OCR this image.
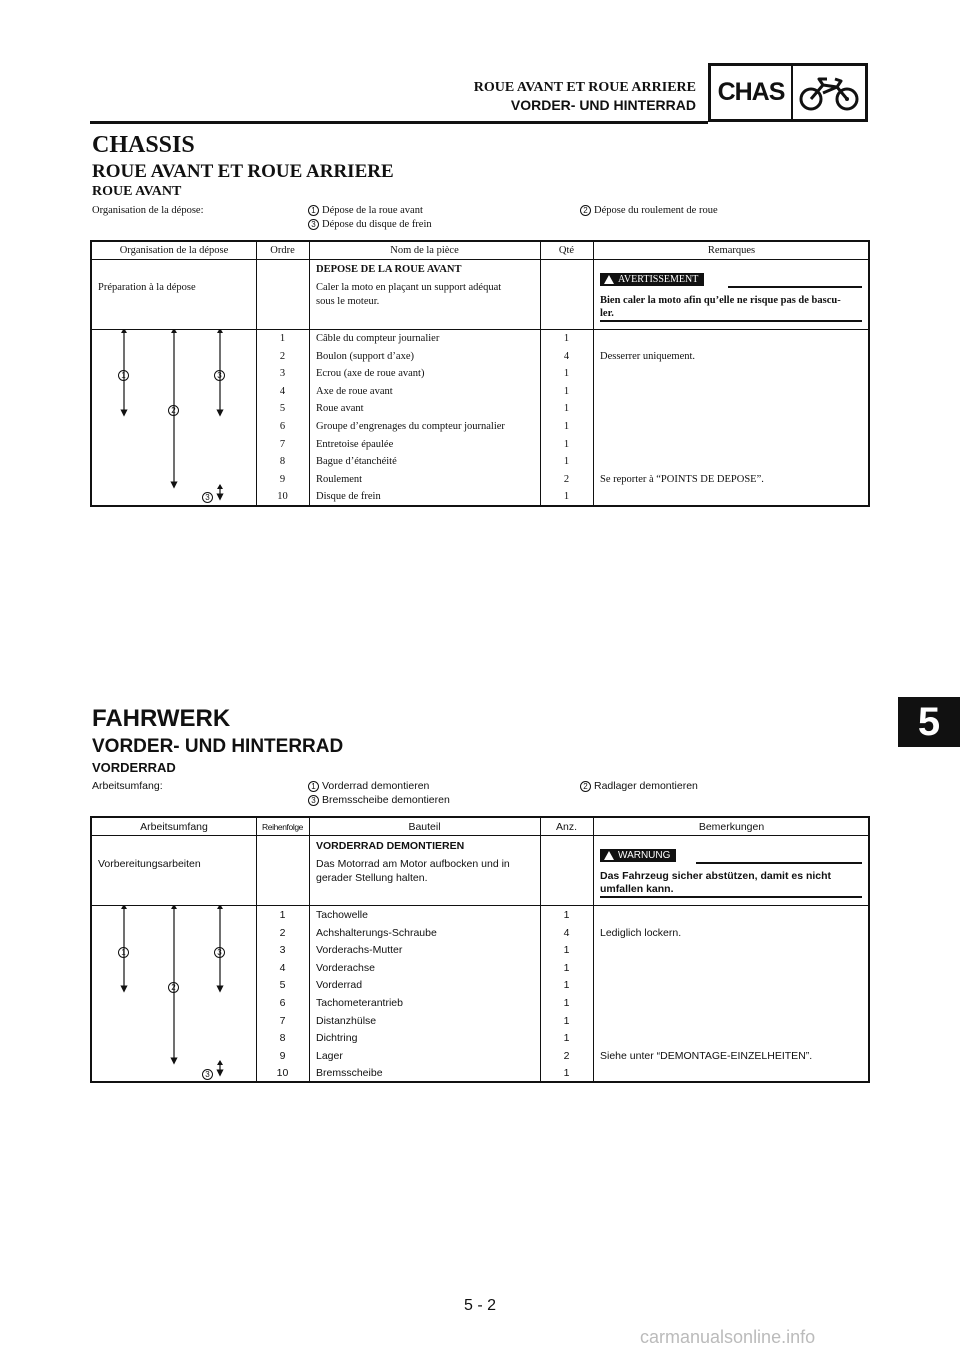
ROUE AVANT ET ROUE ARRIERE
VORDER- UND HINTERRAD CHAS
CHASSIS
ROUE AVANT ET ROUE ARRIERE
ROUE AVANT
Organisation de la dépose:	1 Dépose de la roue avant	2 Dépose du roulement de roue
3 Dépose du disque de frein
Organisation de la dépose	Ordre	Nom de la pièce	Qté	Remarques
Préparation à la dépose
DEPOSE DE LA ROUE AVANT
Caler la moto en plaçant un support adéquat
sous le moteur.
AVERTISSEMENT
Bien caler la moto afin qu’elle ne risque pas de bascu-
ler.
1	Câble du compteur journalier	1
2	Boulon (support d’axe)	4	Desserrer uniquement.
3	Ecrou (axe de roue avant)	1
4	Axe de roue avant	1
5	Roue avant	1
6	Groupe d’engrenages du compteur journalier	1
7	Entretoise épaulée	1
8	Bague d’étanchéité	1
9	Roulement	2	Se reporter à “POINTS DE DEPOSE”.
10	Disque de frein	1
1	3
2
3
FAHRWERK
VORDER- UND HINTERRAD
VORDERRAD
Arbeitsumfang:	1 Vorderrad demontieren	2 Radlager demontieren
3 Bremsscheibe demontieren
Arbeitsumfang	Reihenfolge	Bauteil	Anz.	Bemerkungen
Vorbereitungsarbeiten
VORDERRAD DEMONTIEREN
Das Motorrad am Motor aufbocken und in
gerader Stellung halten.
WARNUNG
Das Fahrzeug sicher abstützen, damit es nicht
umfallen kann.
1	Tachowelle	1
2	Achshalterungs-Schraube	4	Lediglich lockern.
3	Vorderachs-Mutter	1
4	Vorderachse	1
5	Vorderrad	1
6	Tachometerantrieb	1
7	Distanzhülse	1
8	Dichtring	1
9	Lager	2	Siehe unter “DEMONTAGE-EINZELHEITEN”.
10	Bremsscheibe	1
1	3
2
3
5
5 - 2
carmanualsonline.info
